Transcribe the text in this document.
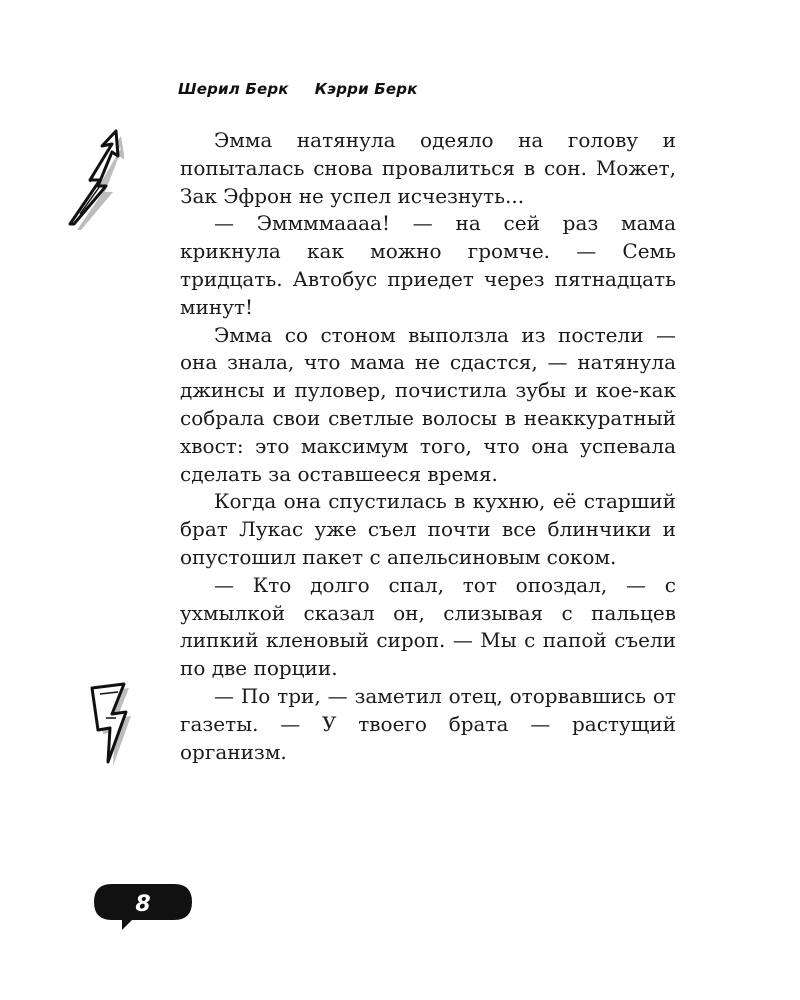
Шерил Берк Кэрри Берк

Эмма натянула одеяло на голову и попыталась снова провалиться в сон. Может, Зак Эфрон не успел исчезнуть...

— Эммммаааа! — на сей раз мама крикнула как можно громче. — Семь тридцать. Автобус приедет через пятнадцать минут!

Эмма со стоном выползла из постели — она знала, что мама не сдастся, — натянула джинсы и пуловер, почистила зубы и кое-как собрала свои светлые волосы в неаккуратный хвост: это максимум того, что она успевала сделать за оставшееся время.

Когда она спустилась в кухню, её старший брат Лукас уже съел почти все блинчики и опустошил пакет с апельсиновым соком.

— Кто долго спал, тот опоздал, — с ухмылкой сказал он, слизывая с пальцев липкий кленовый сироп. — Мы с папой съели по две порции.

— По три, — заметил отец, оторвавшись от газеты. — У твоего брата — растущий организм.

8
